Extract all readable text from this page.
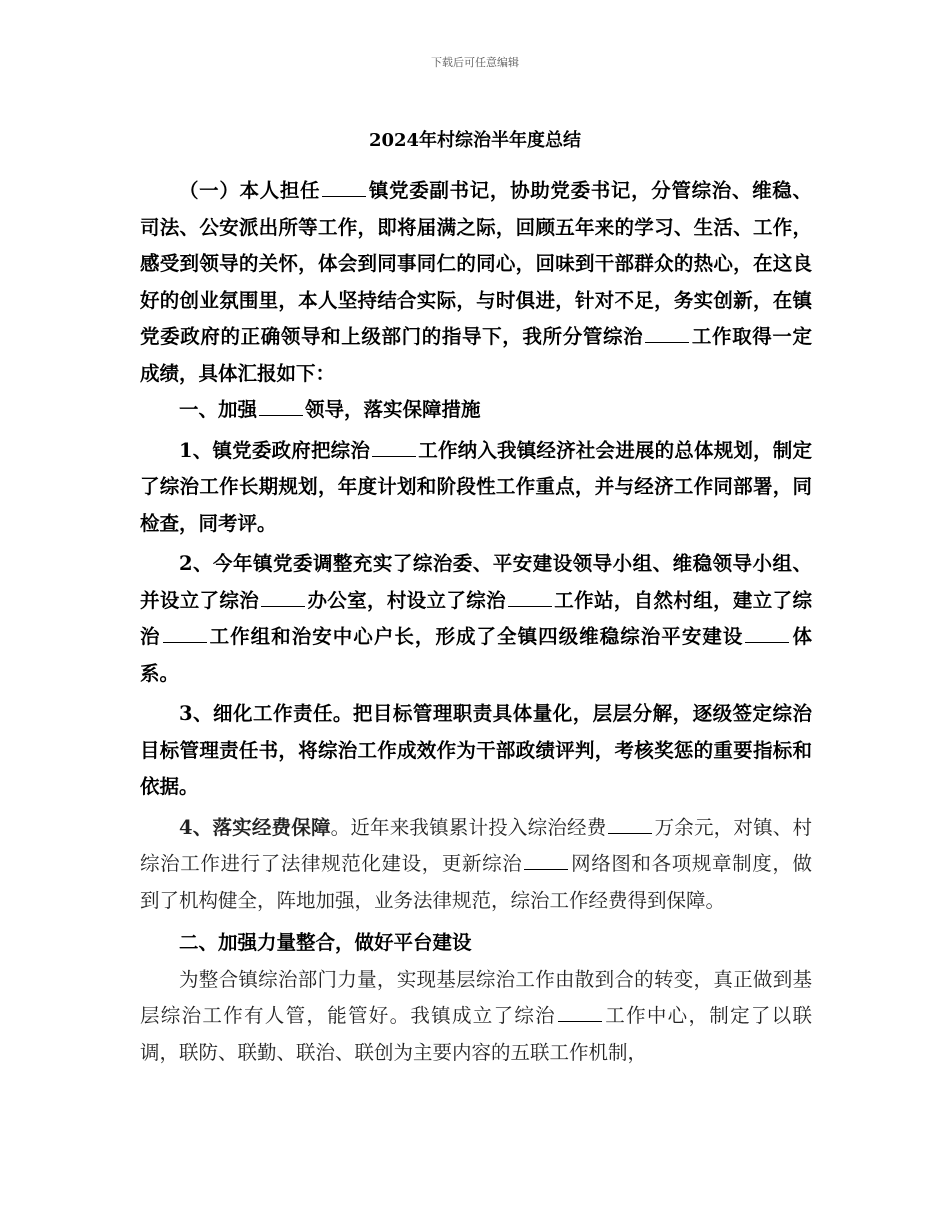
下载后可任意编辑
2024年村综治半年度总结

（一）本人担任 镇党委副书记，协助党委书记，分管综治、维稳、司法、公安派出所等工作，即将届满之际，回顾五年来的学习、生活、工作，感受到领导的关怀，体会到同事同仁的同心，回味到干部群众的热心，在这良好的创业氛围里，本人坚持结合实际，与时俱进，针对不足，务实创新，在镇党委政府的正确领导和上级部门的指导下，我所分管综治 工作取得一定成绩，具体汇报如下：

一、加强 领导，落实保障措施

1、镇党委政府把综治 工作纳入我镇经济社会进展的总体规划，制定了综治工作长期规划，年度计划和阶段性工作重点，并与经济工作同部署，同检查，同考评。

2、今年镇党委调整充实了综治委、平安建设领导小组、维稳领导小组、并设立了综治 办公室，村设立了综治 工作站，自然村组，建立了综治 工作组和治安中心户长，形成了全镇四级维稳综治平安建设 体系。

3、细化工作责任。把目标管理职责具体量化，层层分解，逐级签定综治目标管理责任书，将综治工作成效作为干部政绩评判，考核奖惩的重要指标和依据。

4、落实经费保障。近年来我镇累计投入综治经费 万余元，对镇、村综治工作进行了法律规范化建设，更新综治 网络图和各项规章制度，做到了机构健全，阵地加强，业务法律规范，综治工作经费得到保障。

二、加强力量整合，做好平台建设

为整合镇综治部门力量，实现基层综治工作由散到合的转变，真正做到基层综治工作有人管，能管好。我镇成立了综治 工作中心，制定了以联调，联防、联勤、联治、联创为主要内容的五联工作机制，
